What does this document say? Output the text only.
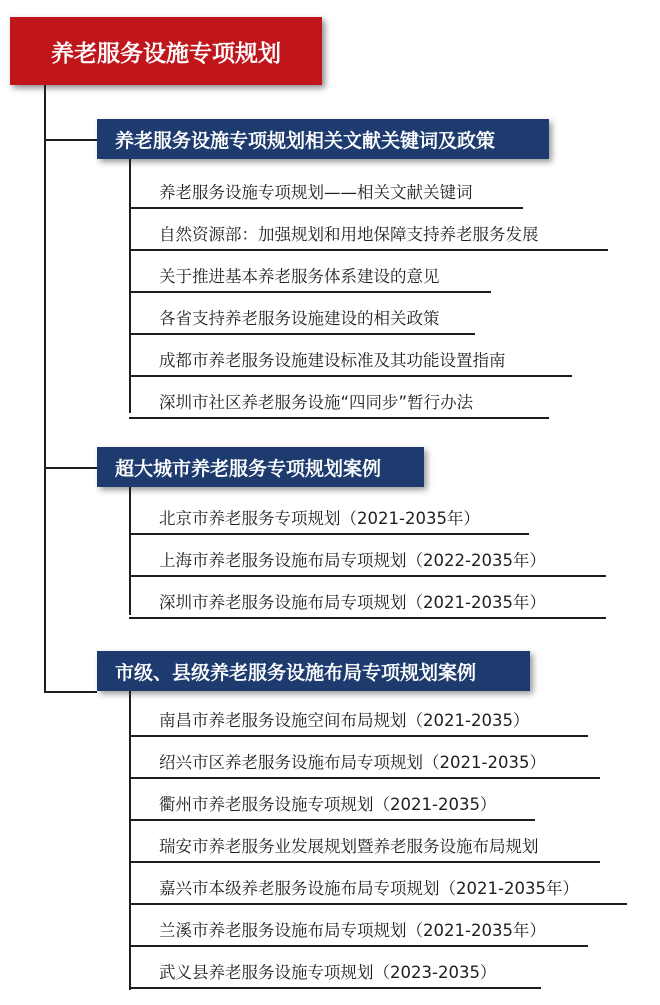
养老服务设施专项规划
养老服务设施专项规划相关文献关键词及政策
养老服务设施专项规划——相关文献关键词
自然资源部：加强规划和用地保障支持养老服务发展
关于推进基本养老服务体系建设的意见
各省支持养老服务设施建设的相关政策
成都市养老服务设施建设标准及其功能设置指南
深圳市社区养老服务设施“四同步”暂行办法
超大城市养老服务专项规划案例
北京市养老服务专项规划（2021-2035年）
上海市养老服务设施布局专项规划（2022-2035年）
深圳市养老服务设施布局专项规划（2021-2035年）
市级、县级养老服务设施布局专项规划案例
南昌市养老服务设施空间布局规划（2021-2035）
绍兴市区养老服务设施布局专项规划（2021-2035）
衢州市养老服务设施专项规划（2021-2035）
瑞安市养老服务业发展规划暨养老服务设施布局规划
嘉兴市本级养老服务设施布局专项规划（2021-2035年）
兰溪市养老服务设施布局专项规划（2021-2035年）
武义县养老服务设施专项规划（2023-2035）
